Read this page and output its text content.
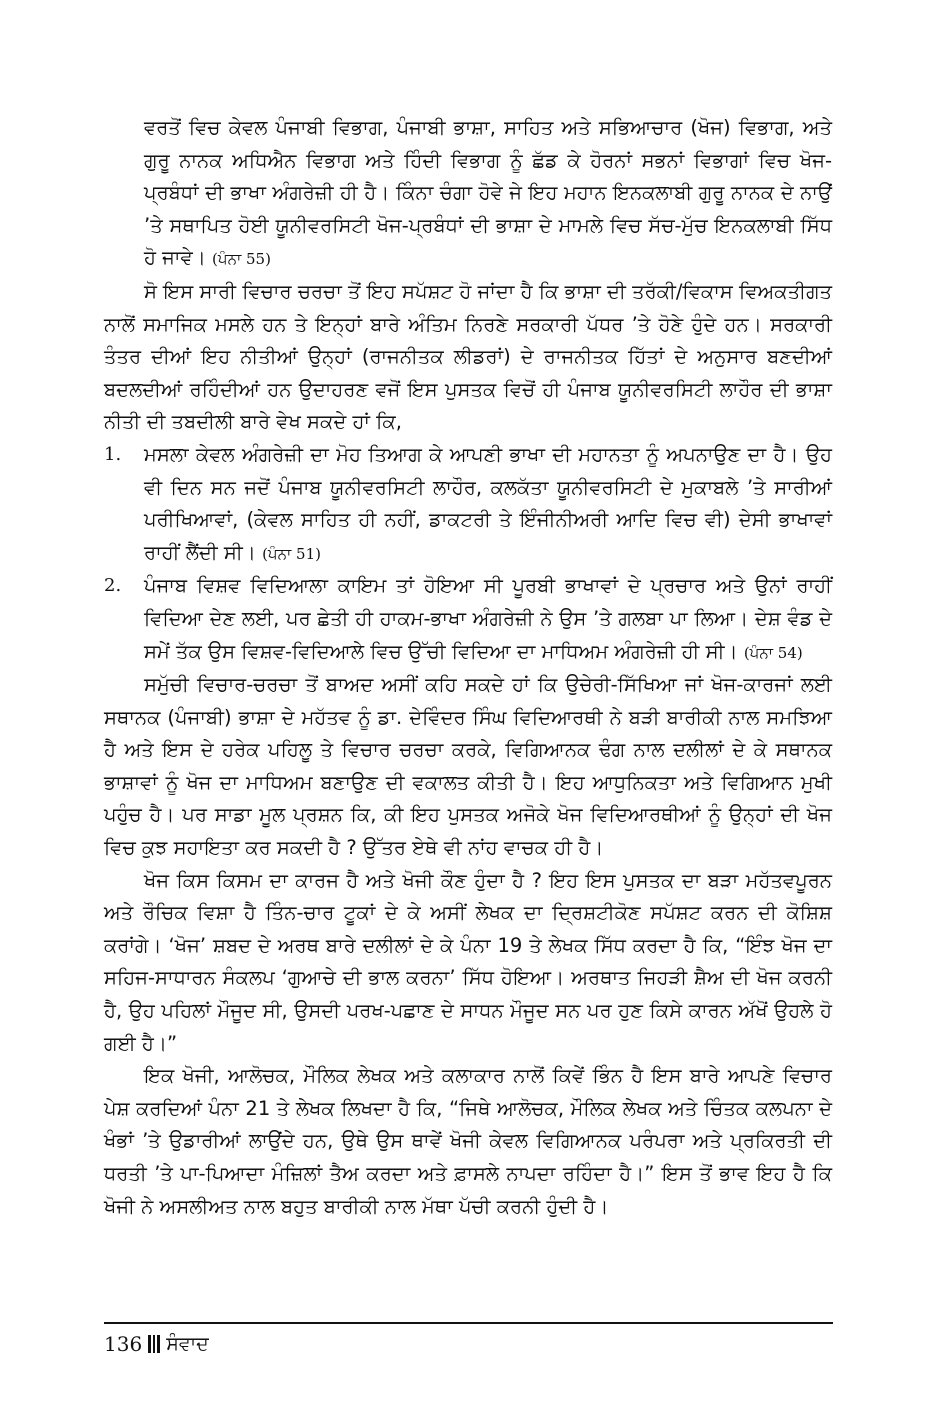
ਵਰਤੋਂ ਵਿਚ ਕੇਵਲ ਪੰਜਾਬੀ ਵਿਭਾਗ, ਪੰਜਾਬੀ ਭਾਸ਼ਾ, ਸਾਹਿਤ ਅਤੇ ਸਭਿਆਚਾਰ (ਖੋਜ) ਵਿਭਾਗ, ਅਤੇ ਗੁਰੂ ਨਾਨਕ ਅਧਿਐਨ ਵਿਭਾਗ ਅਤੇ ਹਿੰਦੀ ਵਿਭਾਗ ਨੂੰ ਛੱਡ ਕੇ ਹੋਰਨਾਂ ਸਭਨਾਂ ਵਿਭਾਗਾਂ ਵਿਚ ਖੋਜ-ਪ੍ਰਬੰਧਾਂ ਦੀ ਭਾਖਾ ਅੰਗਰੇਜ਼ੀ ਹੀ ਹੈ। ਕਿੰਨਾ ਚੰਗਾ ਹੋਵੇ ਜੇ ਇਹ ਮਹਾਨ ਇਨਕਲਾਬੀ ਗੁਰੂ ਨਾਨਕ ਦੇ ਨਾਉਂ ’ਤੇ ਸਥਾਪਿਤ ਹੋਈ ਯੂਨੀਵਰਸਿਟੀ ਖੋਜ-ਪ੍ਰਬੰਧਾਂ ਦੀ ਭਾਸ਼ਾ ਦੇ ਮਾਮਲੇ ਵਿਚ ਸੱਚ-ਮੁੱਚ ਇਨਕਲਾਬੀ ਸਿੱਧ ਹੋ ਜਾਵੇ। (ਪੰਨਾ 55)

ਸੋ ਇਸ ਸਾਰੀ ਵਿਚਾਰ ਚਰਚਾ ਤੋਂ ਇਹ ਸਪੱਸ਼ਟ ਹੋ ਜਾਂਦਾ ਹੈ ਕਿ ਭਾਸ਼ਾ ਦੀ ਤਰੱਕੀ/ਵਿਕਾਸ ਵਿਅਕਤੀਗਤ ਨਾਲੋਂ ਸਮਾਜਿਕ ਮਸਲੇ ਹਨ ਤੇ ਇਨ੍ਹਾਂ ਬਾਰੇ ਅੰਤਿਮ ਨਿਰਣੇ ਸਰਕਾਰੀ ਪੱਧਰ ’ਤੇ ਹੋਣੇ ਹੁੰਦੇ ਹਨ। ਸਰਕਾਰੀ ਤੰਤਰ ਦੀਆਂ ਇਹ ਨੀਤੀਆਂ ਉਨ੍ਹਾਂ (ਰਾਜਨੀਤਕ ਲੀਡਰਾਂ) ਦੇ ਰਾਜਨੀਤਕ ਹਿੱਤਾਂ ਦੇ ਅਨੁਸਾਰ ਬਣਦੀਆਂ ਬਦਲਦੀਆਂ ਰਹਿੰਦੀਆਂ ਹਨ ਉਦਾਹਰਣ ਵਜੋਂ ਇਸ ਪੁਸਤਕ ਵਿਚੋਂ ਹੀ ਪੰਜਾਬ ਯੂਨੀਵਰਸਿਟੀ ਲਾਹੌਰ ਦੀ ਭਾਸ਼ਾ ਨੀਤੀ ਦੀ ਤਬਦੀਲੀ ਬਾਰੇ ਵੇਖ ਸਕਦੇ ਹਾਂ ਕਿ,

1. ਮਸਲਾ ਕੇਵਲ ਅੰਗਰੇਜ਼ੀ ਦਾ ਮੋਹ ਤਿਆਗ ਕੇ ਆਪਣੀ ਭਾਖਾ ਦੀ ਮਹਾਨਤਾ ਨੂੰ ਅਪਨਾਉਣ ਦਾ ਹੈ। ਉਹ ਵੀ ਦਿਨ ਸਨ ਜਦੋਂ ਪੰਜਾਬ ਯੂਨੀਵਰਸਿਟੀ ਲਾਹੌਰ, ਕਲਕੱਤਾ ਯੂਨੀਵਰਸਿਟੀ ਦੇ ਮੁਕਾਬਲੇ ’ਤੇ ਸਾਰੀਆਂ ਪਰੀਖਿਆਵਾਂ, (ਕੇਵਲ ਸਾਹਿਤ ਹੀ ਨਹੀਂ, ਡਾਕਟਰੀ ਤੇ ਇੰਜੀਨੀਅਰੀ ਆਦਿ ਵਿਚ ਵੀ) ਦੇਸੀ ਭਾਖਾਵਾਂ ਰਾਹੀਂ ਲੈਂਦੀ ਸੀ। (ਪੰਨਾ 51)

2. ਪੰਜਾਬ ਵਿਸ਼ਵ ਵਿਦਿਆਲਾ ਕਾਇਮ ਤਾਂ ਹੋਇਆ ਸੀ ਪੂਰਬੀ ਭਾਖਾਵਾਂ ਦੇ ਪ੍ਰਚਾਰ ਅਤੇ ਉਨਾਂ ਰਾਹੀਂ ਵਿਦਿਆ ਦੇਣ ਲਈ, ਪਰ ਛੇਤੀ ਹੀ ਹਾਕਮ-ਭਾਖਾ ਅੰਗਰੇਜ਼ੀ ਨੇ ਉਸ ’ਤੇ ਗਲਬਾ ਪਾ ਲਿਆ। ਦੇਸ਼ ਵੰਡ ਦੇ ਸਮੇਂ ਤੱਕ ਉਸ ਵਿਸ਼ਵ-ਵਿਦਿਆਲੇ ਵਿਚ ਉੱਚੀ ਵਿਦਿਆ ਦਾ ਮਾਧਿਅਮ ਅੰਗਰੇਜ਼ੀ ਹੀ ਸੀ। (ਪੰਨਾ 54)

ਸਮੁੱਚੀ ਵਿਚਾਰ-ਚਰਚਾ ਤੋਂ ਬਾਅਦ ਅਸੀਂ ਕਹਿ ਸਕਦੇ ਹਾਂ ਕਿ ਉਚੇਰੀ-ਸਿੱਖਿਆ ਜਾਂ ਖੋਜ-ਕਾਰਜਾਂ ਲਈ ਸਥਾਨਕ (ਪੰਜਾਬੀ) ਭਾਸ਼ਾ ਦੇ ਮਹੱਤਵ ਨੂੰ ਡਾ. ਦੇਵਿੰਦਰ ਸਿੰਘ ਵਿਦਿਆਰਥੀ ਨੇ ਬੜੀ ਬਾਰੀਕੀ ਨਾਲ ਸਮਝਿਆ ਹੈ ਅਤੇ ਇਸ ਦੇ ਹਰੇਕ ਪਹਿਲੂ ਤੇ ਵਿਚਾਰ ਚਰਚਾ ਕਰਕੇ, ਵਿਗਿਆਨਕ ਢੰਗ ਨਾਲ ਦਲੀਲਾਂ ਦੇ ਕੇ ਸਥਾਨਕ ਭਾਸ਼ਾਵਾਂ ਨੂੰ ਖੋਜ ਦਾ ਮਾਧਿਅਮ ਬਣਾਉਣ ਦੀ ਵਕਾਲਤ ਕੀਤੀ ਹੈ। ਇਹ ਆਧੁਨਿਕਤਾ ਅਤੇ ਵਿਗਿਆਨ ਮੁਖੀ ਪਹੁੰਚ ਹੈ। ਪਰ ਸਾਡਾ ਮੂਲ ਪ੍ਰਸ਼ਨ ਕਿ, ਕੀ ਇਹ ਪੁਸਤਕ ਅਜੋਕੇ ਖੋਜ ਵਿਦਿਆਰਥੀਆਂ ਨੂੰ ਉਨ੍ਹਾਂ ਦੀ ਖੋਜ ਵਿਚ ਕੁਝ ਸਹਾਇਤਾ ਕਰ ਸਕਦੀ ਹੈ ? ਉੱਤਰ ਏਥੇ ਵੀ ਨਾਂਹ ਵਾਚਕ ਹੀ ਹੈ।

ਖੋਜ ਕਿਸ ਕਿਸਮ ਦਾ ਕਾਰਜ ਹੈ ਅਤੇ ਖੋਜੀ ਕੌਣ ਹੁੰਦਾ ਹੈ ? ਇਹ ਇਸ ਪੁਸਤਕ ਦਾ ਬੜਾ ਮਹੱਤਵਪੂਰਨ ਅਤੇ ਰੌਚਿਕ ਵਿਸ਼ਾ ਹੈ ਤਿੰਨ-ਚਾਰ ਟੂਕਾਂ ਦੇ ਕੇ ਅਸੀਂ ਲੇਖਕ ਦਾ ਦ੍ਰਿਸ਼ਟੀਕੋਣ ਸਪੱਸ਼ਟ ਕਰਨ ਦੀ ਕੋਸ਼ਿਸ਼ ਕਰਾਂਗੇ। ‘ਖੋਜ’ ਸ਼ਬਦ ਦੇ ਅਰਥ ਬਾਰੇ ਦਲੀਲਾਂ ਦੇ ਕੇ ਪੰਨਾ 19 ਤੇ ਲੇਖਕ ਸਿੱਧ ਕਰਦਾ ਹੈ ਕਿ, “ਇੰਝ ਖੋਜ ਦਾ ਸਹਿਜ-ਸਾਧਾਰਨ ਸੰਕਲਪ ‘ਗੁਆਚੇ ਦੀ ਭਾਲ ਕਰਨਾ’ ਸਿੱਧ ਹੋਇਆ। ਅਰਥਾਤ ਜਿਹੜੀ ਸ਼ੈਅ ਦੀ ਖੋਜ ਕਰਨੀ ਹੈ, ਉਹ ਪਹਿਲਾਂ ਮੌਜੂਦ ਸੀ, ਉਸਦੀ ਪਰਖ-ਪਛਾਣ ਦੇ ਸਾਧਨ ਮੌਜੂਦ ਸਨ ਪਰ ਹੁਣ ਕਿਸੇ ਕਾਰਨ ਅੱਖੋਂ ਉਹਲੇ ਹੋ ਗਈ ਹੈ।”

ਇਕ ਖੋਜੀ, ਆਲੋਚਕ, ਮੌਲਿਕ ਲੇਖਕ ਅਤੇ ਕਲਾਕਾਰ ਨਾਲੋਂ ਕਿਵੇਂ ਭਿੰਨ ਹੈ ਇਸ ਬਾਰੇ ਆਪਣੇ ਵਿਚਾਰ ਪੇਸ਼ ਕਰਦਿਆਂ ਪੰਨਾ 21 ਤੇ ਲੇਖਕ ਲਿਖਦਾ ਹੈ ਕਿ, “ਜਿਥੇ ਆਲੋਚਕ, ਮੌਲਿਕ ਲੇਖਕ ਅਤੇ ਚਿੰਤਕ ਕਲਪਨਾ ਦੇ ਖੰਭਾਂ ’ਤੇ ਉਡਾਰੀਆਂ ਲਾਉਂਦੇ ਹਨ, ਉਥੇ ਉਸ ਥਾਵੇਂ ਖੋਜੀ ਕੇਵਲ ਵਿਗਿਆਨਕ ਪਰੰਪਰਾ ਅਤੇ ਪ੍ਰਕਿਰਤੀ ਦੀ ਧਰਤੀ ’ਤੇ ਪਾ-ਪਿਆਦਾ ਮੰਜ਼ਿਲਾਂ ਤੈਅ ਕਰਦਾ ਅਤੇ ਫ਼ਾਸਲੇ ਨਾਪਦਾ ਰਹਿੰਦਾ ਹੈ।” ਇਸ ਤੋਂ ਭਾਵ ਇਹ ਹੈ ਕਿ ਖੋਜੀ ਨੇ ਅਸਲੀਅਤ ਨਾਲ ਬਹੁਤ ਬਾਰੀਕੀ ਨਾਲ ਮੱਥਾ ਪੱਚੀ ਕਰਨੀ ਹੁੰਦੀ ਹੈ।

136 ਸੰਵਾਦ
